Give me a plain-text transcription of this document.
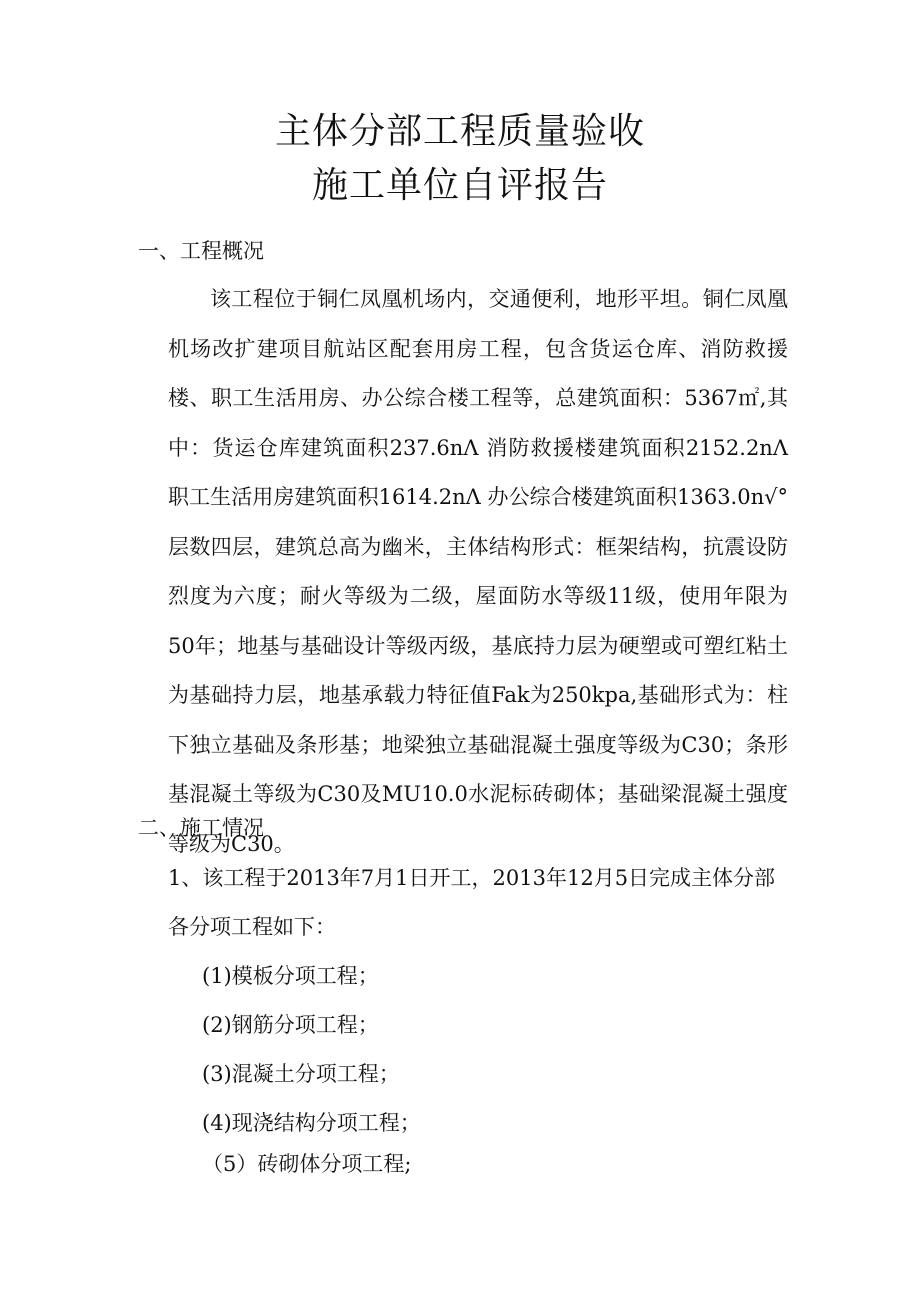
主体分部工程质量验收
施工单位自评报告
一、工程概况

该工程位于铜仁凤凰机场内，交通便利，地形平坦。铜仁凤凰机场改扩建项目航站区配套用房工程，包含货运仓库、消防救援楼、职工生活用房、办公综合楼工程等，总建筑面积：5367㎡,其中：货运仓库建筑面积237.6nΛ 消防救援楼建筑面积2152.2nΛ 职工生活用房建筑面积1614.2nΛ 办公综合楼建筑面积1363.0n√° 层数四层，建筑总高为幽米，主体结构形式：框架结构，抗震设防烈度为六度；耐火等级为二级，屋面防水等级11级，使用年限为50年；地基与基础设计等级丙级，基底持力层为硬塑或可塑红粘土为基础持力层，地基承载力特征值Fak为250kpa,基础形式为：柱下独立基础及条形基；地梁独立基础混凝土强度等级为C30；条形基混凝土等级为C30及MU10.0水泥标砖砌体；基础梁混凝土强度等级为C30。

二、施工情况
1、该工程于2013年7月1日开工，2013年12月5日完成主体分部
各分项工程如下：
(1)模板分项工程；
(2)钢筋分项工程；
(3)混凝土分项工程；
(4)现浇结构分项工程；
（5）砖砌体分项工程;
